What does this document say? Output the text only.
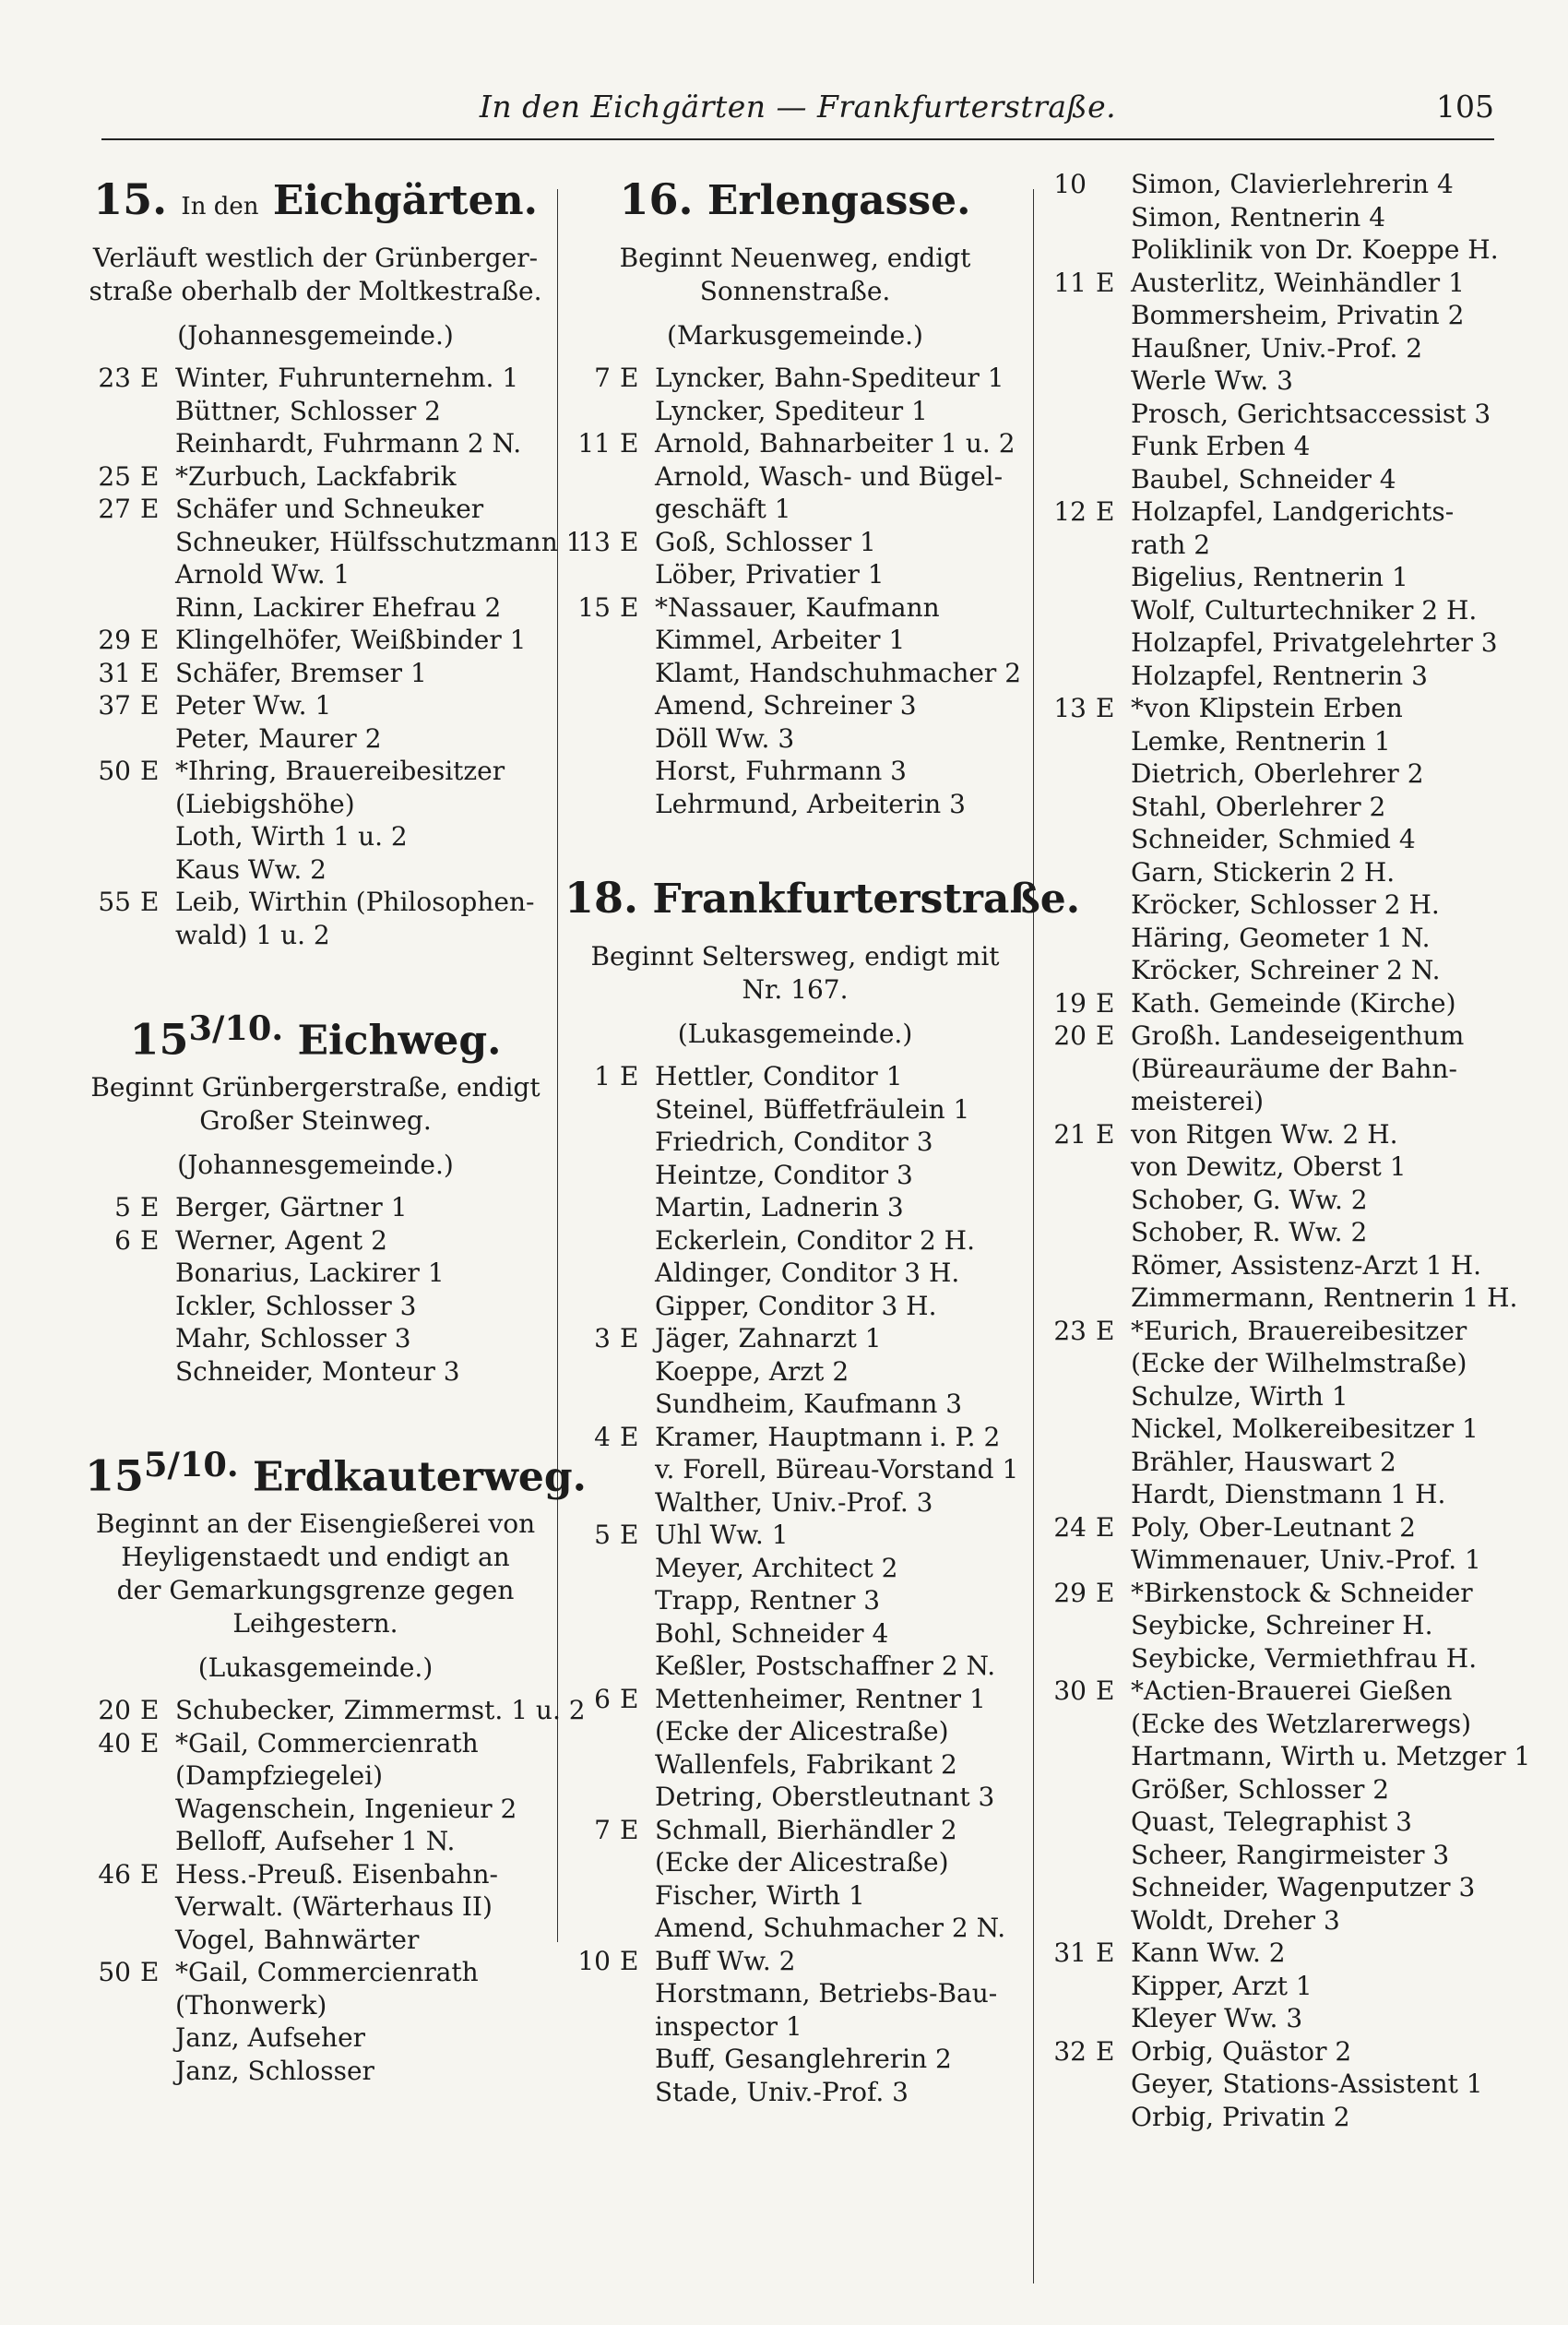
In den Eichgärten — Frankfurterstraße.	105
15. In den Eichgärten.
Verläuft westlich der Grünberger-
straße oberhalb der Moltkestraße.
(Johannesgemeinde.)
23 E Winter, Fuhrunternehm. 1
Büttner, Schlosser 2
Reinhardt, Fuhrmann 2 N.
25 E *Zurbuch, Lackfabrik
27 E Schäfer und Schneuker
Schneuker, Hülfsschutzmann 1
Arnold Ww. 1
Rinn, Lackirer Ehefrau 2
29 E Klingelhöfer, Weißbinder 1
31 E Schäfer, Bremser 1
37 E Peter Ww. 1
Peter, Maurer 2
50 E *Ihring, Brauereibesitzer
(Liebigshöhe)
Loth, Wirth 1 u. 2
Kaus Ww. 2
55 E Leib, Wirthin (Philosophen-
wald) 1 u. 2
$15^{3/10.}$ Eichweg.
Beginnt Grünbergerstraße, endigt
Großer Steinweg.
(Johannesgemeinde.)
5 E Berger, Gärtner 1
6 E Werner, Agent 2
Bonarius, Lackirer 1
Ickler, Schlosser 3
Mahr, Schlosser 3
Schneider, Monteur 3
$15^{5/10.}$ Erdkauterweg.
Beginnt an der Eisengießerei von
Heyligenstaedt und endigt an
der Gemarkungsgrenze gegen
Leihgestern.
(Lukasgemeinde.)
20 E Schubecker, Zimmermst. 1 u. 2
40 E *Gail, Commercienrath
(Dampfziegelei)
Wagenschein, Ingenieur 2
Belloff, Aufseher 1 N.
46 E Hess.-Preuß. Eisenbahn-
Verwalt. (Wärterhaus II)
Vogel, Bahnwärter
50 E *Gail, Commercienrath
(Thonwerk)
Janz, Aufseher
Janz, Schlosser
16. Erlengasse.
Beginnt Neuenweg, endigt
Sonnenstraße.
(Markusgemeinde.)
7 E Lyncker, Bahn-Spediteur 1
Lyncker, Spediteur 1
11 E Arnold, Bahnarbeiter 1 u. 2
Arnold, Wasch- und Bügel-
geschäft 1
13 E Goß, Schlosser 1
Löber, Privatier 1
15 E *Nassauer, Kaufmann
Kimmel, Arbeiter 1
Klamt, Handschuhmacher 2
Amend, Schreiner 3
Döll Ww. 3
Horst, Fuhrmann 3
Lehrmund, Arbeiterin 3
18. Frankfurterstraße.
Beginnt Seltersweg, endigt mit
Nr. 167.
(Lukasgemeinde.)
1 E Hettler, Conditor 1
Steinel, Büffetfräulein 1
Friedrich, Conditor 3
Heintze, Conditor 3
Martin, Ladnerin 3
Eckerlein, Conditor 2 H.
Aldinger, Conditor 3 H.
Gipper, Conditor 3 H.
3 E Jäger, Zahnarzt 1
Koeppe, Arzt 2
Sundheim, Kaufmann 3
4 E Kramer, Hauptmann i. P. 2
v. Forell, Büreau-Vorstand 1
Walther, Univ.-Prof. 3
5 E Uhl Ww. 1
Meyer, Architect 2
Trapp, Rentner 3
Bohl, Schneider 4
Keßler, Postschaffner 2 N.
6 E Mettenheimer, Rentner 1
(Ecke der Alicestraße)
Wallenfels, Fabrikant 2
Detring, Oberstleutnant 3
7 E Schmall, Bierhändler 2
(Ecke der Alicestraße)
Fischer, Wirth 1
Amend, Schuhmacher 2 N.
10 E Buff Ww. 2
Horstmann, Betriebs-Bau-
inspector 1
Buff, Gesanglehrerin 2
Stade, Univ.-Prof. 3
10 Simon, Clavierlehrerin 4
Simon, Rentnerin 4
Poliklinik von Dr. Koeppe H.
11 E Austerlitz, Weinhändler 1
Bommersheim, Privatin 2
Haußner, Univ.-Prof. 2
Werle Ww. 3
Prosch, Gerichtsaccessist 3
Funk Erben 4
Baubel, Schneider 4
12 E Holzapfel, Landgerichts-
rath 2
Bigelius, Rentnerin 1
Wolf, Culturtechniker 2 H.
Holzapfel, Privatgelehrter 3
Holzapfel, Rentnerin 3
13 E *von Klipstein Erben
Lemke, Rentnerin 1
Dietrich, Oberlehrer 2
Stahl, Oberlehrer 2
Schneider, Schmied 4
Garn, Stickerin 2 H.
Kröcker, Schlosser 2 H.
Häring, Geometer 1 N.
Kröcker, Schreiner 2 N.
19 E Kath. Gemeinde (Kirche)
20 E Großh. Landeseigenthum
(Büreauräume der Bahn-
meisterei)
21 E von Ritgen Ww. 2 H.
von Dewitz, Oberst 1
Schober, G. Ww. 2
Schober, R. Ww. 2
Römer, Assistenz-Arzt 1 H.
Zimmermann, Rentnerin 1 H.
23 E *Eurich, Brauereibesitzer
(Ecke der Wilhelmstraße)
Schulze, Wirth 1
Nickel, Molkereibesitzer 1
Brähler, Hauswart 2
Hardt, Dienstmann 1 H.
24 E Poly, Ober-Leutnant 2
Wimmenauer, Univ.-Prof. 1
29 E *Birkenstock & Schneider
Seybicke, Schreiner H.
Seybicke, Vermiethfrau H.
30 E *Actien-Brauerei Gießen
(Ecke des Wetzlarerwegs)
Hartmann, Wirth u. Metzger 1
Größer, Schlosser 2
Quast, Telegraphist 3
Scheer, Rangirmeister 3
Schneider, Wagenputzer 3
Woldt, Dreher 3
31 E Kann Ww. 2
Kipper, Arzt 1
Kleyer Ww. 3
32 E Orbig, Quästor 2
Geyer, Stations-Assistent 1
Orbig, Privatin 2
